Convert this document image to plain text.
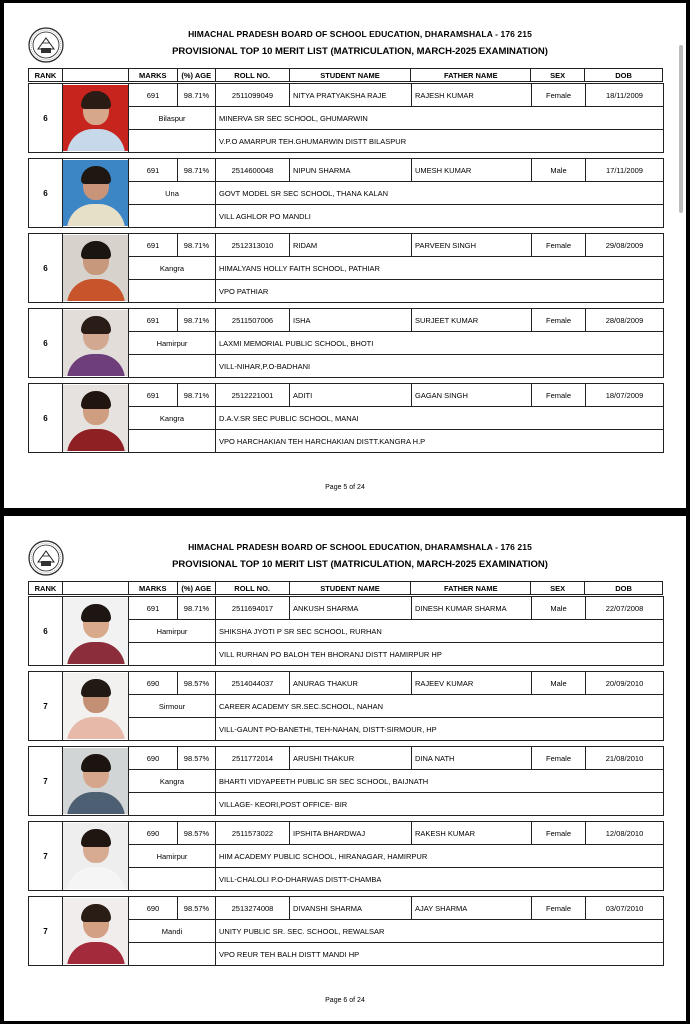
HIMACHAL PRADESH BOARD OF SCHOOL EDUCATION, DHARAMSHALA - 176 215
PROVISIONAL TOP 10 MERIT LIST (MATRICULATION, MARCH-2025 EXAMINATION)
RANK		MARKS	(%) AGE	ROLL NO.	STUDENT NAME	FATHER NAME	SEX	DOB
6		691	98.71%	2511099049	NITYA PRATYAKSHA RAJE	RAJESH KUMAR	Female	18/11/2009
		Bilaspur		MINERVA SR SEC SCHOOL, GHUMARWIN				
				V.P.O AMARPUR TEH.GHUMARWIN DISTT BILASPUR				
6		691	98.71%	2514600048	NIPUN SHARMA	UMESH KUMAR	Male	17/11/2009
		Una		GOVT MODEL SR SEC SCHOOL, THANA KALAN				
				VILL AGHLOR PO MANDLI				
6		691	98.71%	2512313010	RIDAM	PARVEEN SINGH	Female	29/08/2009
		Kangra		HIMALYANS HOLLY FAITH SCHOOL, PATHIAR				
				VPO PATHIAR				
6		691	98.71%	2511507006	ISHA	SURJEET KUMAR	Female	28/08/2009
		Hamirpur		LAXMI MEMORIAL PUBLIC SCHOOL, BHOTI				
				VILL-NIHAR,P.O-BADHANI				
6		691	98.71%	2512221001	ADITI	GAGAN SINGH	Female	18/07/2009
		Kangra		D.A.V.SR SEC PUBLIC SCHOOL, MANAI				
				VPO HARCHAKIAN TEH HARCHAKIAN DISTT.KANGRA H.P				
Page 5 of 24
HIMACHAL PRADESH BOARD OF SCHOOL EDUCATION, DHARAMSHALA - 176 215
PROVISIONAL TOP 10 MERIT LIST (MATRICULATION, MARCH-2025 EXAMINATION)
RANK		MARKS	(%) AGE	ROLL NO.	STUDENT NAME	FATHER NAME	SEX	DOB
6		691	98.71%	2511694017	ANKUSH SHARMA	DINESH KUMAR SHARMA	Male	22/07/2008
		Hamirpur		SHIKSHA JYOTI P SR SEC SCHOOL, RURHAN				
				VILL RURHAN PO BALOH TEH BHORANJ DISTT HAMIRPUR HP				
7		690	98.57%	2514044037	ANURAG THAKUR	RAJEEV KUMAR	Male	20/09/2010
		Sirmour		CAREER ACADEMY SR.SEC.SCHOOL, NAHAN				
				VILL-GAUNT PO-BANETHI, TEH-NAHAN, DISTT-SIRMOUR, HP				
7		690	98.57%	2511772014	ARUSHI THAKUR	DINA NATH	Female	21/08/2010
		Kangra		BHARTI VIDYAPEETH PUBLIC SR SEC SCHOOL, BAIJNATH				
				VILLAGE- KEORI,POST OFFICE- BIR				
7		690	98.57%	2511573022	IPSHITA BHARDWAJ	RAKESH KUMAR	Female	12/08/2010
		Hamirpur		HIM ACADEMY PUBLIC SCHOOL, HIRANAGAR, HAMIRPUR				
				VILL-CHALOLI P.O-DHARWAS DISTT-CHAMBA				
7		690	98.57%	2513274008	DIVANSHI SHARMA	AJAY SHARMA	Female	03/07/2010
		Mandi		UNITY PUBLIC SR. SEC. SCHOOL, REWALSAR				
				VPO REUR TEH BALH DISTT MANDI HP				
Page 6 of 24
